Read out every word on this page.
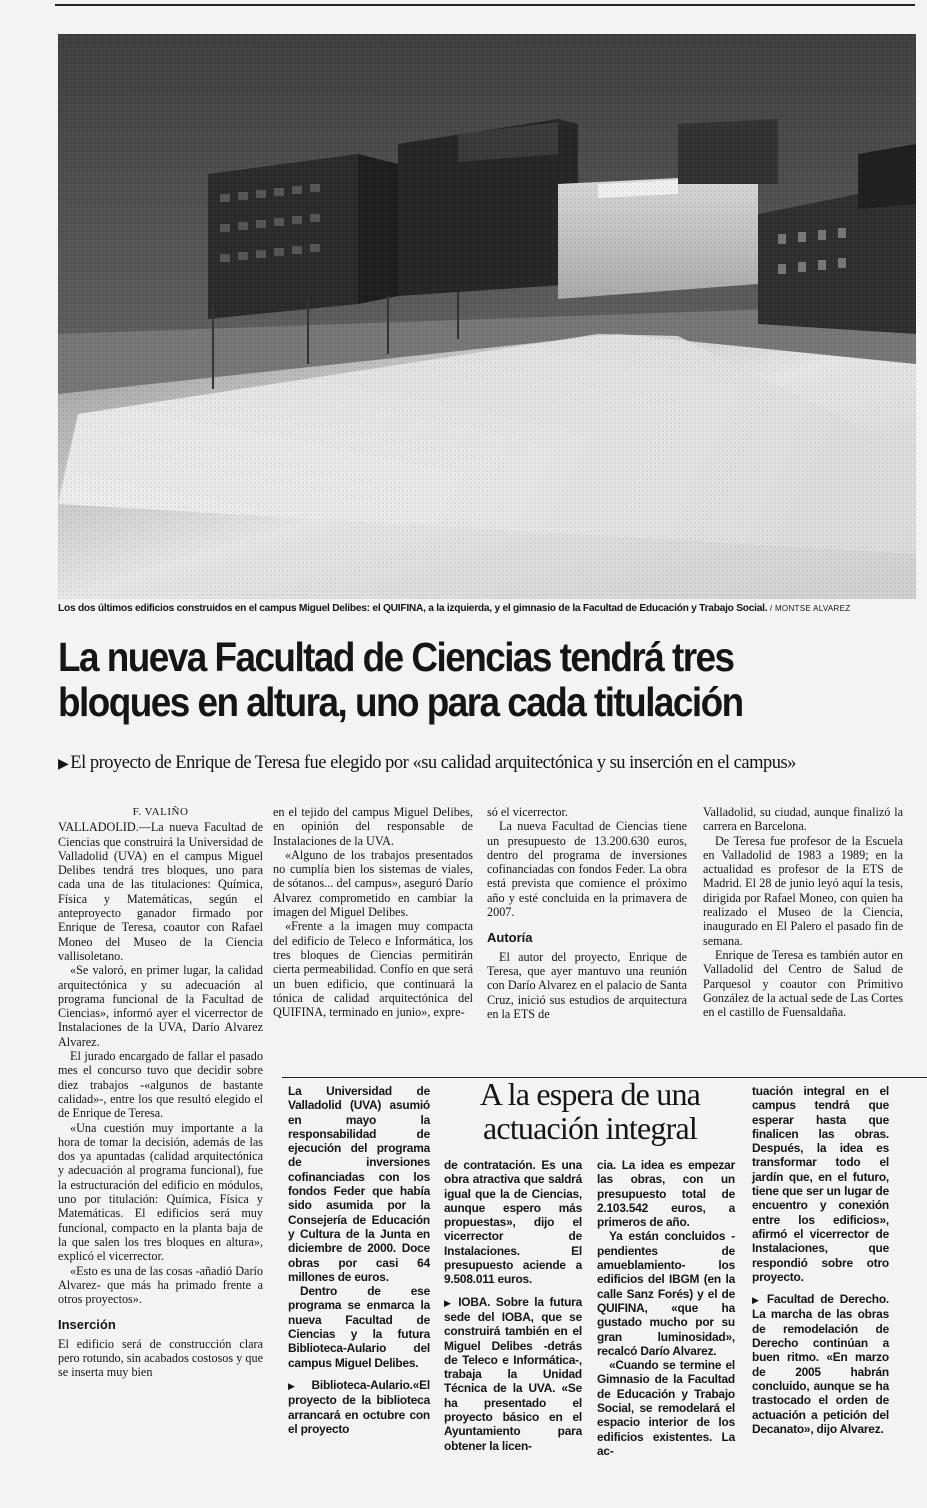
Los dos últimos edificios construidos en el campus Miguel Delibes: el QUIFINA, a la izquierda, y el gimnasio de la Facultad de Educación y Trabajo Social. / MONTSE ALVAREZ
La nueva Facultad de Ciencias tendrá tres
bloques en altura, uno para cada titulación
▶ El proyecto de Enrique de Teresa fue elegido por «su calidad arquitectónica y su inserción en el campus»
F. VALIÑO

VALLADOLID.—La nueva Facultad de Ciencias que construirá la Universidad de Valladolid (UVA) en el campus Miguel Delibes tendrá tres bloques, uno para cada una de las titulaciones: Química, Física y Matemáticas, según el anteproyecto ganador firmado por Enrique de Teresa, coautor con Rafael Moneo del Museo de la Ciencia vallisoletano.

«Se valoró, en primer lugar, la calidad arquitectónica y su adecuación al programa funcional de la Facultad de Ciencias», informó ayer el vicerrector de Instalaciones de la UVA, Darío Alvarez Alvarez.

El jurado encargado de fallar el pasado mes el concurso tuvo que decidir sobre diez trabajos -«algunos de bastante calidad»-, entre los que resultó elegido el de Enrique de Teresa.

«Una cuestión muy importante a la hora de tomar la decisión, además de las dos ya apuntadas (calidad arquitectónica y adecuación al programa funcional), fue la estructuración del edificio en módulos, uno por titulación: Química, Física y Matemáticas. El edificios será muy funcional, compacto en la planta baja de la que salen los tres bloques en altura», explicó el vicerrector.

«Esto es una de las cosas -añadió Darío Alvarez- que más ha primado frente a otros proyectos».

Inserción

El edificio será de construcción clara pero rotundo, sin acabados costosos y que se inserta muy bien

en el tejido del campus Miguel Delibes, en opinión del responsable de Instalaciones de la UVA.

«Alguno de los trabajos presentados no cumplía bien los sistemas de viales, de sótanos... del campus», aseguró Darío Alvarez comprometido en cambiar la imagen del Miguel Delibes.

«Frente a la imagen muy compacta del edificio de Teleco e Informática, los tres bloques de Ciencias permitirán cierta permeabilidad. Confío en que será un buen edificio, que continuará la tónica de calidad arquitectónica del QUIFINA, terminado en junio», expre-

só el vicerrector.

La nueva Facultad de Ciencias tiene un presupuesto de 13.200.630 euros, dentro del programa de inversiones cofinanciadas con fondos Feder. La obra está prevista que comience el próximo año y esté concluida en la primavera de 2007.

Autoría

El autor del proyecto, Enrique de Teresa, que ayer mantuvo una reunión con Darío Alvarez en el palacio de Santa Cruz, inició sus estudios de arquitectura en la ETS de

Valladolid, su ciudad, aunque finalizó la carrera en Barcelona.

De Teresa fue profesor de la Escuela en Valladolid de 1983 a 1989; en la actualidad es profesor de la ETS de Madrid. El 28 de junio leyó aquí la tesis, dirigida por Rafael Moneo, con quien ha realizado el Museo de la Ciencia, inaugurado en El Palero el pasado fin de semana.

Enrique de Teresa es también autor en Valladolid del Centro de Salud de Parquesol y coautor con Primitivo González de la actual sede de Las Cortes en el castillo de Fuensaldaña.

A la espera de una
actuación integral

La Universidad de Valladolid (UVA) asumió en mayo la responsabilidad de ejecución del programa de inversiones cofinanciadas con los fondos Feder que había sido asumida por la Consejería de Educación y Cultura de la Junta en diciembre de 2000. Doce obras por casi 64 millones de euros.

Dentro de ese programa se enmarca la nueva Facultad de Ciencias y la futura Biblioteca-Aulario del campus Miguel Delibes.

▶Biblioteca-Aulario.«El proyecto de la biblioteca arrancará en octubre con el proyecto

de contratación. Es una obra atractiva que saldrá igual que la de Ciencias, aunque espero más propuestas», dijo el vicerrector de Instalaciones. El presupuesto aciende a 9.508.011 euros.

▶ IOBA. Sobre la futura sede del IOBA, que se construirá también en el Miguel Delibes -detrás de Teleco e Informática-, trabaja la Unidad Técnica de la UVA. «Se ha presentado el proyecto básico en el Ayuntamiento para obtener la licen-

cia. La idea es empezar las obras, con un presupuesto total de 2.103.542 euros, a primeros de año.

Ya están concluidos -pendientes de amueblamiento- los edificios del IBGM (en la calle Sanz Forés) y el de QUIFINA, «que ha gustado mucho por su gran luminosidad», recalcó Darío Alvarez.

«Cuando se termine el Gimnasio de la Facultad de Educación y Trabajo Social, se remodelará el espacio interior de los edificios existentes. La ac-

tuación integral en el campus tendrá que esperar hasta que finalicen las obras. Después, la idea es transformar todo el jardín que, en el futuro, tiene que ser un lugar de encuentro y conexión entre los edificios», afirmó el vicerrector de Instalaciones, que respondió sobre otro proyecto.

▶ Facultad de Derecho. La marcha de las obras de remodelación de Derecho continúan a buen ritmo. «En marzo de 2005 habrán concluido, aunque se ha trastocado el orden de actuación a petición del Decanato», dijo Alvarez.
